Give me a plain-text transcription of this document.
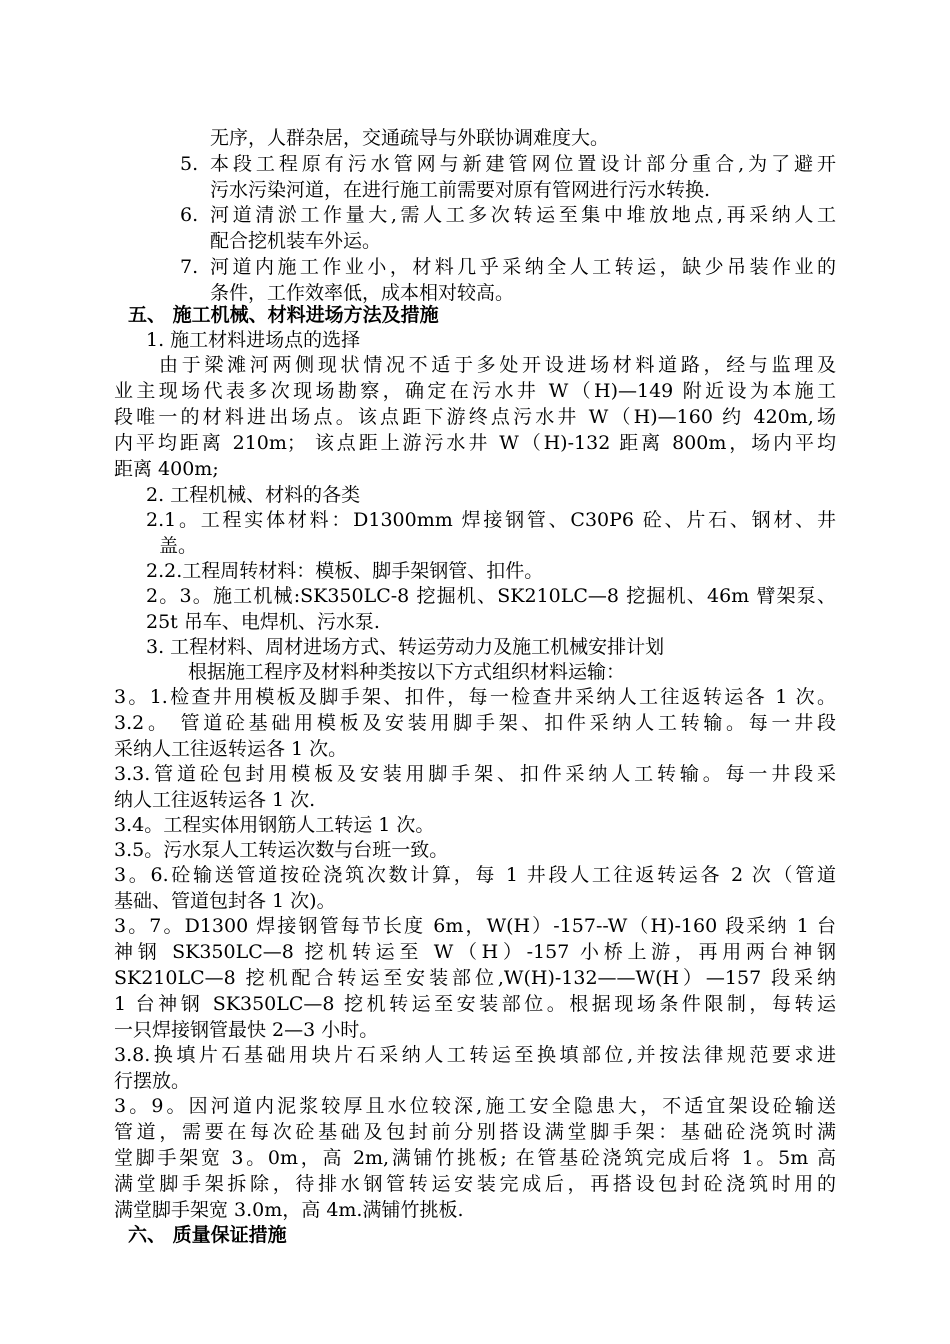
无序，人群杂居，交通疏导与外联协调难度大。
5. 本段工程原有污水管网与新建管网位置设计部分重合,为了避开
污水污染河道，在进行施工前需要对原有管网进行污水转换.
6. 河道清淤工作量大,需人工多次转运至集中堆放地点,再采纳人工
配合挖机装车外运。
7. 河道内施工作业小，材料几乎采纳全人工转运，缺少吊装作业的
条件，工作效率低，成本相对较高。
五、 施工机械、材料进场方法及措施
1. 施工材料进场点的选择
由于梁滩河两侧现状情况不适于多处开设进场材料道路，经与监理及
业主现场代表多次现场勘察，确定在污水井 W（H)—149 附近设为本施工
段唯一的材料进出场点。该点距下游终点污水井 W（H)—160 约 420m,场
内平均距离 210m； 该点距上游污水井 W（H)-132 距离 800m，场内平均
距离 400m;
2. 工程机械、材料的各类
2.1。工程实体材料：D1300mm 焊接钢管、C30P6 砼、片石、钢材、井
盖。
2.2.工程周转材料：模板、脚手架钢管、扣件。
2。3。施工机械:SK350LC-8 挖掘机、SK210LC—8 挖掘机、46m 臂架泵、
25t 吊车、电焊机、污水泵.
3. 工程材料、周材进场方式、转运劳动力及施工机械安排计划
根据施工程序及材料种类按以下方式组织材料运输：
3。1.检查井用模板及脚手架、扣件，每一检查井采纳人工往返转运各 1 次。
3.2。 管道砼基础用模板及安装用脚手架、扣件采纳人工转输。每一井段
采纳人工往返转运各 1 次。
3.3.管道砼包封用模板及安装用脚手架、扣件采纳人工转输。每一井段采
纳人工往返转运各 1 次.
3.4。工程实体用钢筋人工转运 1 次。
3.5。污水泵人工转运次数与台班一致。
3。6.砼输送管道按砼浇筑次数计算，每 1 井段人工往返转运各 2 次（管道
基础、管道包封各 1 次)。
3。7。D1300 焊接钢管每节长度 6m，W(H）-157--W（H)-160 段采纳 1 台
神钢 SK350LC—8 挖机转运至 W（H）-157 小桥上游，再用两台神钢
SK210LC—8 挖机配合转运至安装部位,W(H)-132——W(H）—157 段采纳
1 台神钢 SK350LC—8 挖机转运至安装部位。根据现场条件限制，每转运
一只焊接钢管最快 2—3 小时。
3.8.换填片石基础用块片石采纳人工转运至换填部位,并按法律规范要求进
行摆放。
3。9。因河道内泥浆较厚且水位较深,施工安全隐患大，不适宜架设砼输送
管道，需要在每次砼基础及包封前分别搭设满堂脚手架：基础砼浇筑时满
堂脚手架宽 3。0m，高 2m,满铺竹挑板; 在管基砼浇筑完成后将 1。5m 高
满堂脚手架拆除，待排水钢管转运安装完成后，再搭设包封砼浇筑时用的
满堂脚手架宽 3.0m，高 4m.满铺竹挑板.
六、 质量保证措施
